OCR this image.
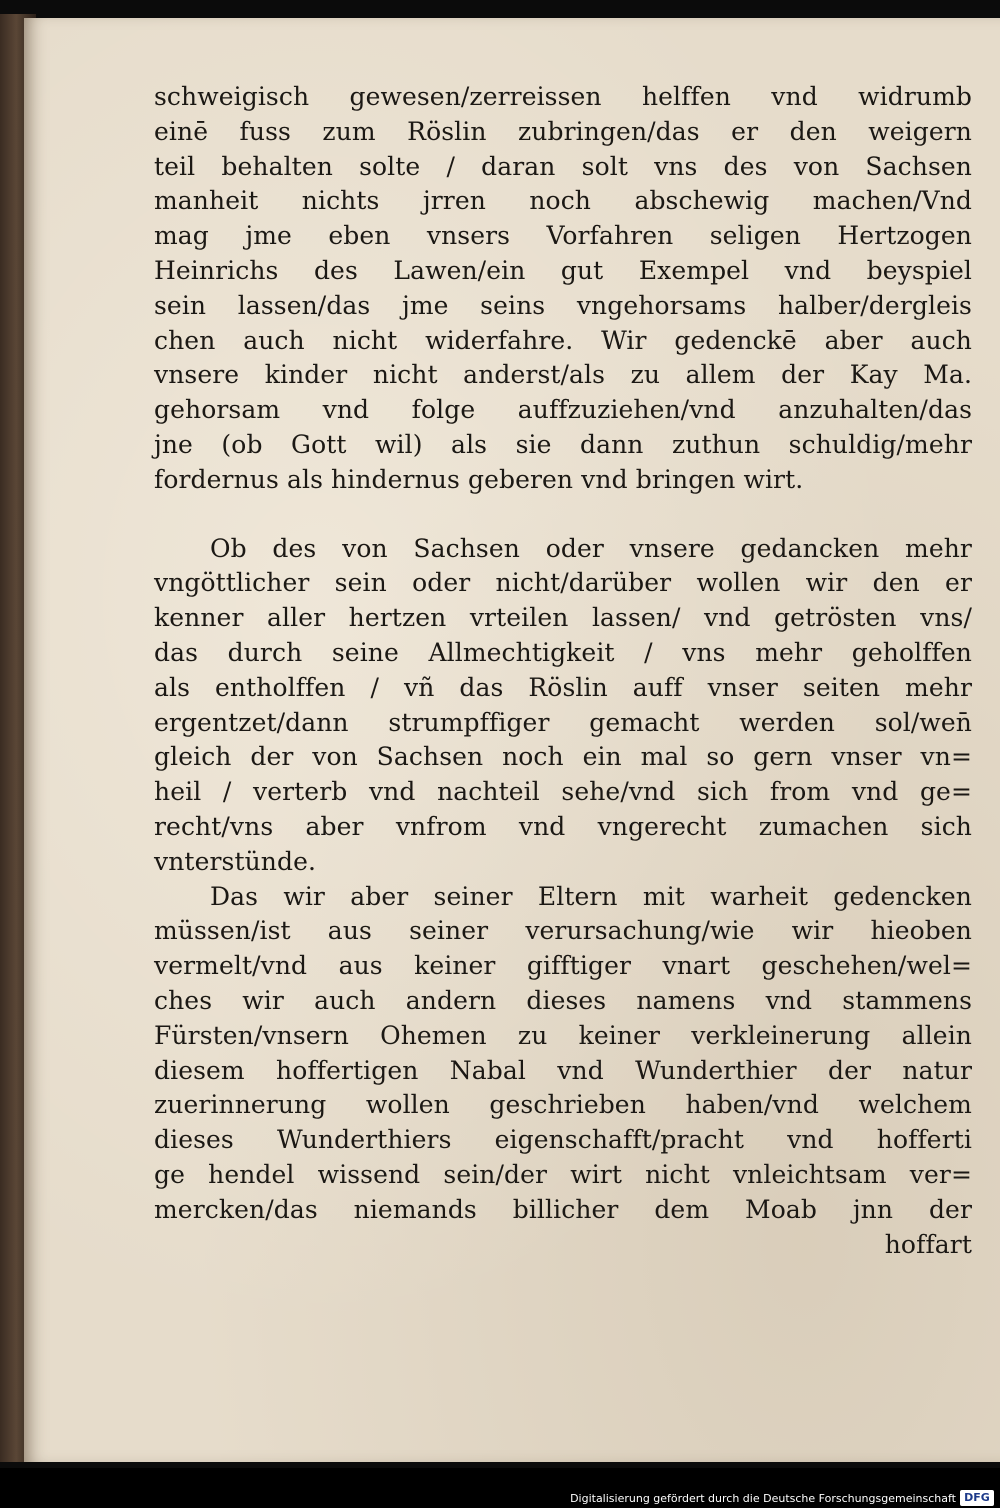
schweigisch gewesen/zerreissen helffen vnd widrumb
einē fuss zum Röslin zubringen/das er den weigern
teil behalten solte / daran solt vns des von Sachsen
manheit nichts jrren noch abschewig machen/Vnd
mag jme eben vnsers Vorfahren seligen Hertzogen
Heinrichs des Lawen/ein gut Exempel vnd beyspiel
sein lassen/das jme seins vngehorsams halber/dergleis
chen auch nicht widerfahre. Wir gedenckē aber auch
vnsere kinder nicht anderst/als zu allem der Kay Ma.
gehorsam vnd folge auffzuziehen/vnd anzuhalten/das
jne (ob Gott wil) als sie dann zuthun schuldig/mehr
fordernus als hindernus geberen vnd bringen wirt.
Ob des von Sachsen oder vnsere gedancken mehr
vngöttlicher sein oder nicht/darüber wollen wir den er
kenner aller hertzen vrteilen lassen/ vnd getrösten vns/
das durch seine Allmechtigkeit / vns mehr geholffen
als entholffen / vñ das Röslin auff vnser seiten mehr
ergentzet/dann strumpffiger gemacht werden sol/wen̄
gleich der von Sachsen noch ein mal so gern vnser vn=
heil / verterb vnd nachteil sehe/vnd sich from vnd ge=
recht/vns aber vnfrom vnd vngerecht zumachen sich
vnterstünde.
Das wir aber seiner Eltern mit warheit gedencken
müssen/ist aus seiner verursachung/wie wir hieoben
vermelt/vnd aus keiner gifftiger vnart geschehen/wel=
ches wir auch andern dieses namens vnd stammens
Fürsten/vnsern Ohemen zu keiner verkleinerung allein
diesem hoffertigen Nabal vnd Wunderthier der natur
zuerinnerung wollen geschrieben haben/vnd welchem
dieses Wunderthiers eigenschafft/pracht vnd hofferti
ge hendel wissend sein/der wirt nicht vnleichtsam ver=
mercken/das niemands billicher dem Moab jnn der
hoffart
Digitalisierung gefördert durch die Deutsche Forschungsgemeinschaft DFG
